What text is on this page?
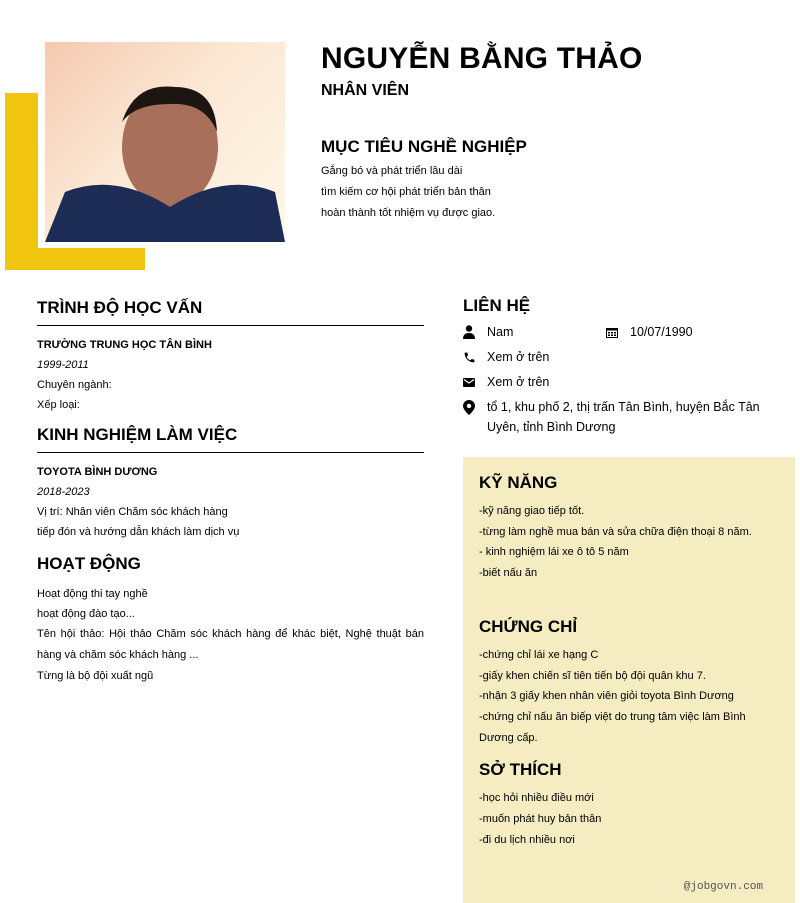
NGUYỄN BẰNG THẢO
NHÂN VIÊN
MỤC TIÊU NGHỀ NGHIỆP
Gắng bó và phát triển lâu dài
tìm kiếm cơ hội phát triển bản thân
hoàn thành tốt nhiệm vụ được giao.
TRÌNH ĐỘ HỌC VẤN
TRƯỜNG TRUNG HỌC TÂN BÌNH
1999-2011
Chuyên ngành:
Xếp loại:
KINH NGHIỆM LÀM VIỆC
TOYOTA BÌNH DƯƠNG
2018-2023
Vị trí: Nhân viên Chăm sóc khách hàng
tiếp đón và hướng dẫn khách làm dịch vụ
HOẠT ĐỘNG
Hoạt động thi tay nghề
hoạt động đào tạo...
Tên hội thảo: Hội thảo Chăm sóc khách hàng để khác biệt, Nghệ thuật bán hàng và chăm sóc khách hàng ...
Từng là bộ đội xuất ngũ
LIÊN HỆ
Nam	10/07/1990
Xem ở trên
Xem ở trên
tổ 1, khu phố 2, thị trấn Tân Bình, huyện Bắc Tân Uyên, tỉnh Bình Dương
KỸ NĂNG
-kỹ năng giao tiếp tốt.
-từng làm nghề mua bán và sửa chữa điện thoại 8 năm.
- kinh nghiệm lái xe ô tô 5 năm
-biết nấu ăn
CHỨNG CHỈ
-chứng chỉ lái xe hạng C
-giấy khen chiến sĩ tiên tiến bộ đội quân khu 7.
-nhận 3 giấy khen nhân viên giỏi toyota Bình Dương
-chứng chỉ nấu ăn biếp việt do trung tâm việc làm Bình Dương cấp.
SỞ THÍCH
-học hỏi nhiều điều mới
-muốn phát huy bản thân
-đi du lịch nhiều nơi
@jobgovn.com
